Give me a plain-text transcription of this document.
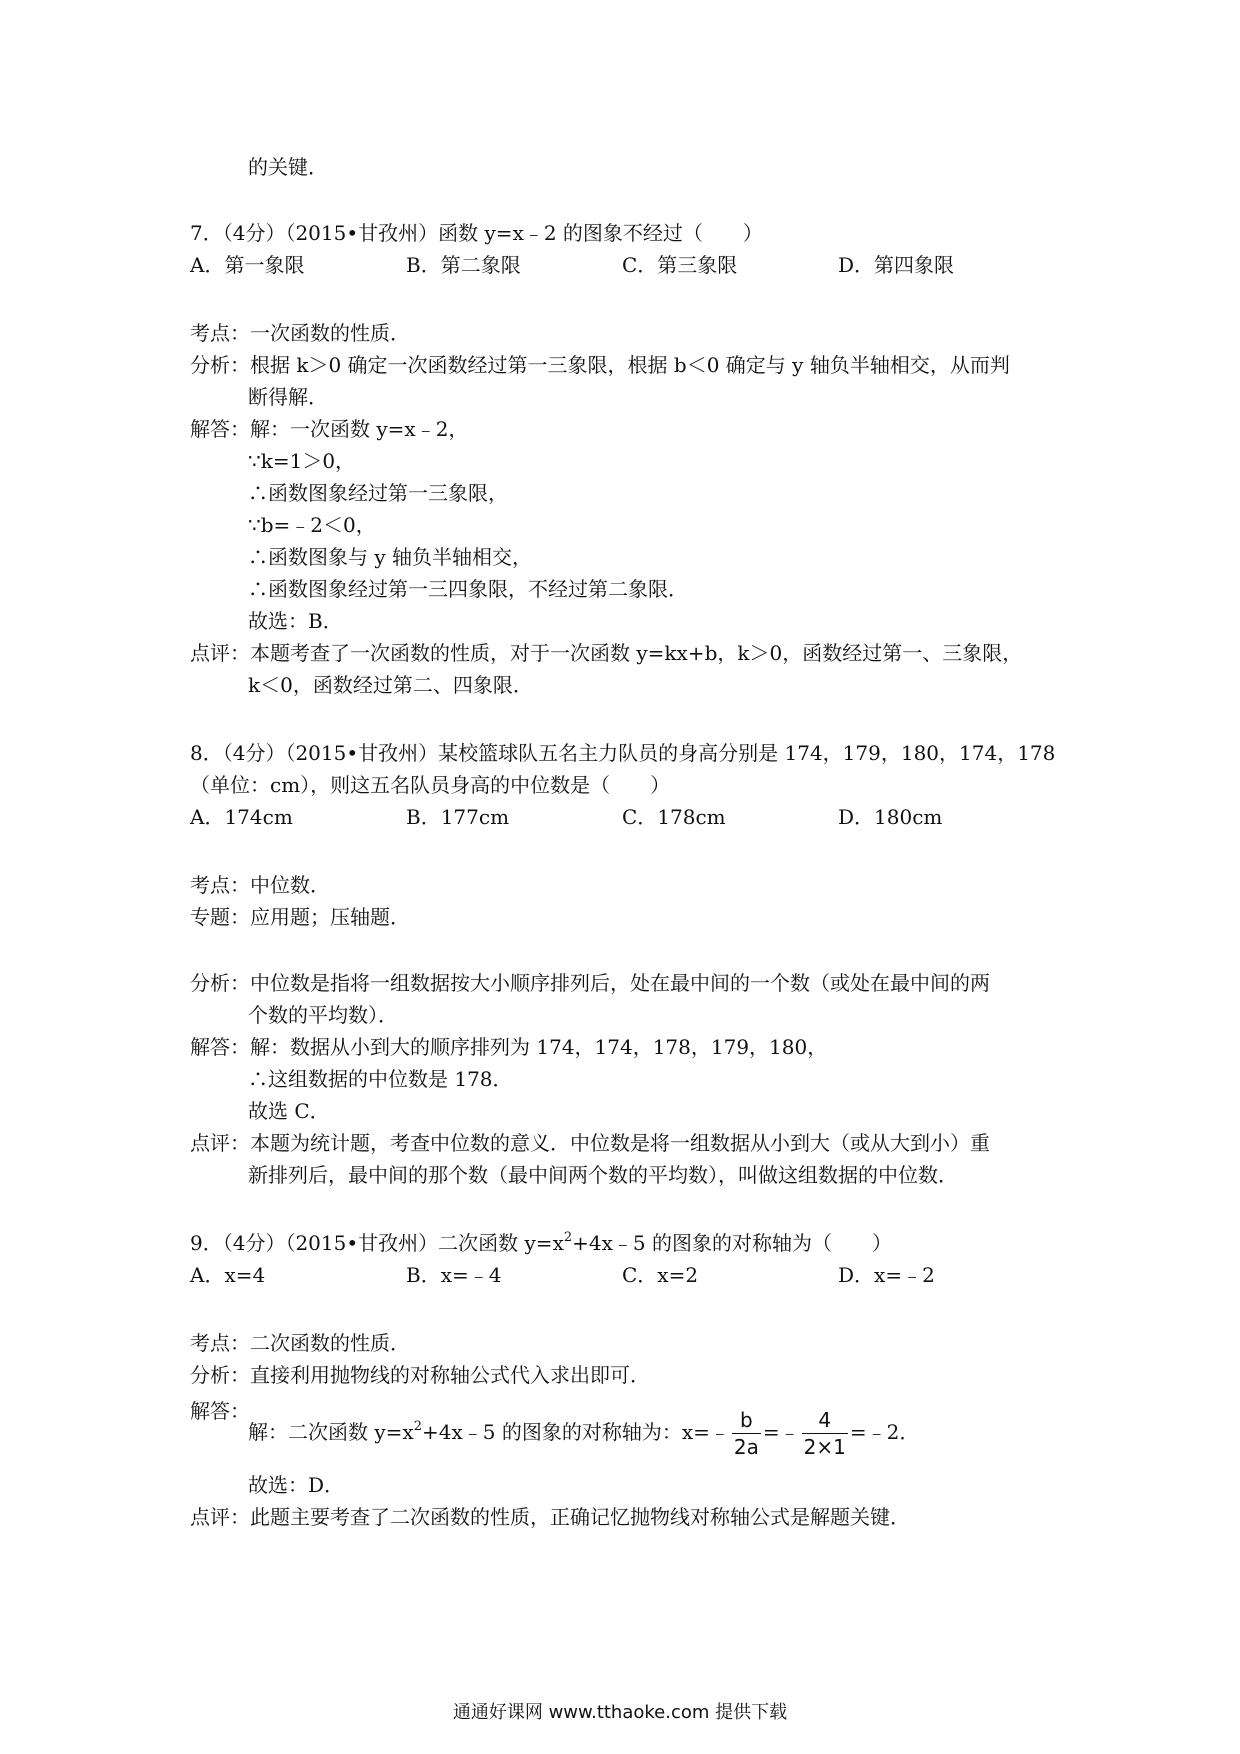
的关键．
7．（4分）（2015•甘孜州）函数 y=x﹣2 的图象不经过（　　）
A．第一象限	B．第二象限	C．第三象限	D．第四象限
考点：一次函数的性质．
分析：根据 k＞0 确定一次函数经过第一三象限，根据 b＜0 确定与 y 轴负半轴相交，从而判
断得解．
解答：解：一次函数 y=x﹣2，
∵k=1＞0，
∴函数图象经过第一三象限，
∵b=﹣2＜0，
∴函数图象与 y 轴负半轴相交，
∴函数图象经过第一三四象限，不经过第二象限．
故选：B．
点评：本题考查了一次函数的性质，对于一次函数 y=kx+b，k＞0，函数经过第一、三象限，
k＜0，函数经过第二、四象限．
8．（4分）（2015•甘孜州）某校篮球队五名主力队员的身高分别是 174，179，180，174，178
（单位：cm），则这五名队员身高的中位数是（　　）
A．174cm	B．177cm	C．178cm	D．180cm
考点：中位数．
专题：应用题；压轴题．
分析：中位数是指将一组数据按大小顺序排列后，处在最中间的一个数（或处在最中间的两
个数的平均数）．
解答：解：数据从小到大的顺序排列为 174，174，178，179，180，
∴这组数据的中位数是 178．
故选 C．
点评：本题为统计题，考查中位数的意义．中位数是将一组数据从小到大（或从大到小）重
新排列后，最中间的那个数（最中间两个数的平均数），叫做这组数据的中位数．
9．（4分）（2015•甘孜州）二次函数 $y=x^2+4x﹣5$ 的图象的对称轴为（　　）
A．x=4	B．x=﹣4	C．x=2	D．x=﹣2
考点：二次函数的性质．
分析：直接利用抛物线的对称轴公式代入求出即可．
解答：
解：二次函数 $y=x^2+4x﹣5$ 的图象的对称轴为：x=﹣ $\frac{b}{2a}$ =﹣ $\frac{4}{2\times 1}$ =﹣2．
故选：D．
点评：此题主要考查了二次函数的性质，正确记忆抛物线对称轴公式是解题关键．
通通好课网 www.tthaoke.com 提供下载
